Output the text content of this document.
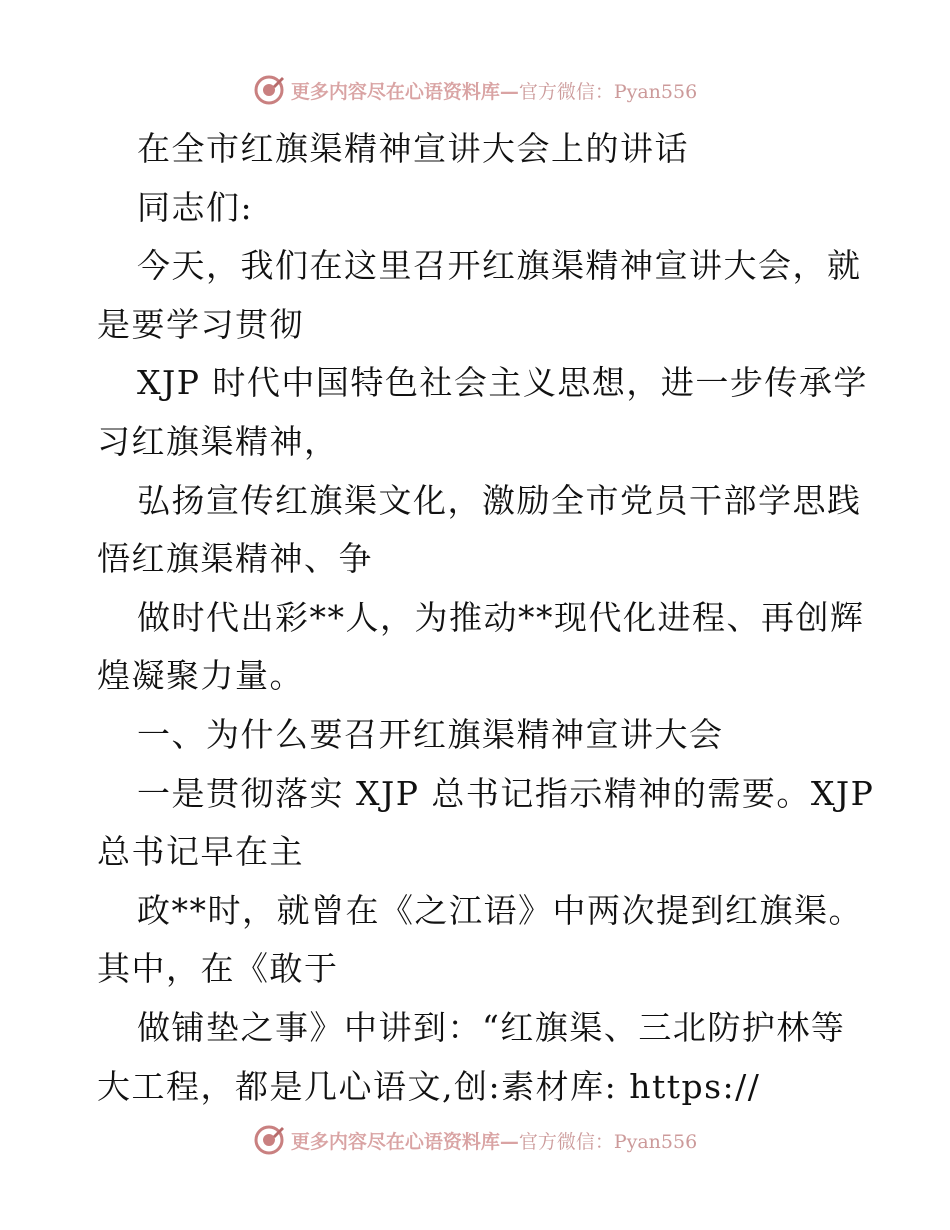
更多内容尽在心语资料库—官方微信：Pyan556
在全市红旗渠精神宣讲大会上的讲话
同志们:
今天，我们在这里召开红旗渠精神宣讲大会，就
是要学习贯彻
XJP 时代中国特色社会主义思想，进一步传承学
习红旗渠精神，
弘扬宣传红旗渠文化，激励全市党员干部学思践
悟红旗渠精神、争
做时代出彩**人，为推动**现代化进程、再创辉
煌凝聚力量。
一、为什么要召开红旗渠精神宣讲大会
一是贯彻落实 XJP 总书记指示精神的需要。XJP
总书记早在主
政**时，就曾在《之江语》中两次提到红旗渠。
其中，在《敢于
做铺垫之事》中讲到：“红旗渠、三北防护林等
大工程，都是几心语文,创:素材库: https://
更多内容尽在心语资料库—官方微信：Pyan556
